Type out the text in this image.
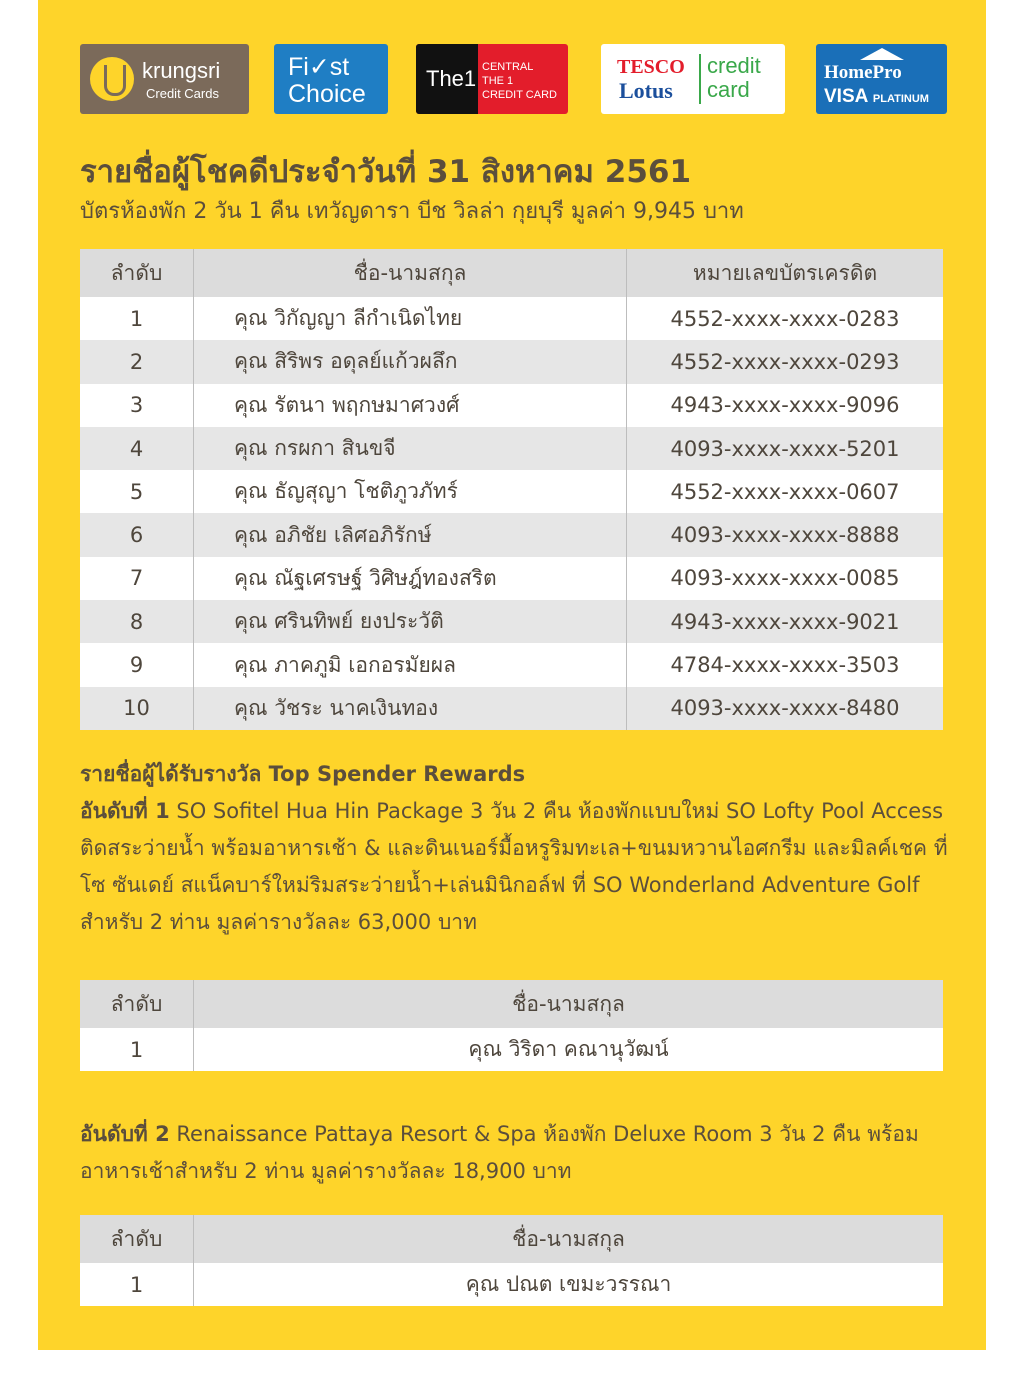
krungsri
Credit Cards
Fi✓st
Choice
The1 CENTRAL
THE 1
CREDIT CARD
TESCO
Lotus
credit
card
HomePro
VISA PLATINUM
รายชื่อผู้โชคดีประจำวันที่ 31 สิงหาคม 2561
บัตรห้องพัก 2 วัน 1 คืน เทวัญดารา บีช วิลล่า กุยบุรี มูลค่า 9,945 บาท
ลำดับ	ชื่อ-นามสกุล	หมายเลขบัตรเครดิต
1	คุณ วิกัญญา ลีกำเนิดไทย	4552-xxxx-xxxx-0283
2	คุณ สิริพร อดุลย์แก้วผลึก	4552-xxxx-xxxx-0293
3	คุณ รัตนา พฤกษมาศวงศ์	4943-xxxx-xxxx-9096
4	คุณ กรผกา สินขจี	4093-xxxx-xxxx-5201
5	คุณ ธัญสุญา โชติภูวภัทร์	4552-xxxx-xxxx-0607
6	คุณ อภิชัย เลิศอภิรักษ์	4093-xxxx-xxxx-8888
7	คุณ ณัฐเศรษฐ์ วิศิษฎ์ทองสริต	4093-xxxx-xxxx-0085
8	คุณ ศรินทิพย์ ยงประวัติ	4943-xxxx-xxxx-9021
9	คุณ ภาคภูมิ เอกอรมัยผล	4784-xxxx-xxxx-3503
10	คุณ วัชระ นาคเงินทอง	4093-xxxx-xxxx-8480
รายชื่อผู้ได้รับรางวัล Top Spender Rewards
อันดับที่ 1 SO Sofitel Hua Hin Package 3 วัน 2 คืน ห้องพักแบบใหม่ SO Lofty Pool Access ติดสระว่ายน้ำ พร้อมอาหารเช้า & และดินเนอร์มื้อหรูริมทะเล+ขนมหวานไอศกรีม และมิลค์เชค ที่ โซ ซันเดย์ สแน็คบาร์ใหม่ริมสระว่ายน้ำ+เล่นมินิกอล์ฟ ที่ SO Wonderland Adventure Golf สำหรับ 2 ท่าน มูลค่ารางวัลละ 63,000 บาท
ลำดับ	ชื่อ-นามสกุล
1	คุณ วิริดา คณานุวัฒน์
อันดับที่ 2 Renaissance Pattaya Resort & Spa ห้องพัก Deluxe Room 3 วัน 2 คืน พร้อมอาหารเช้าสำหรับ 2 ท่าน มูลค่ารางวัลละ 18,900 บาท
ลำดับ	ชื่อ-นามสกุล
1	คุณ ปณต เขมะวรรณา
